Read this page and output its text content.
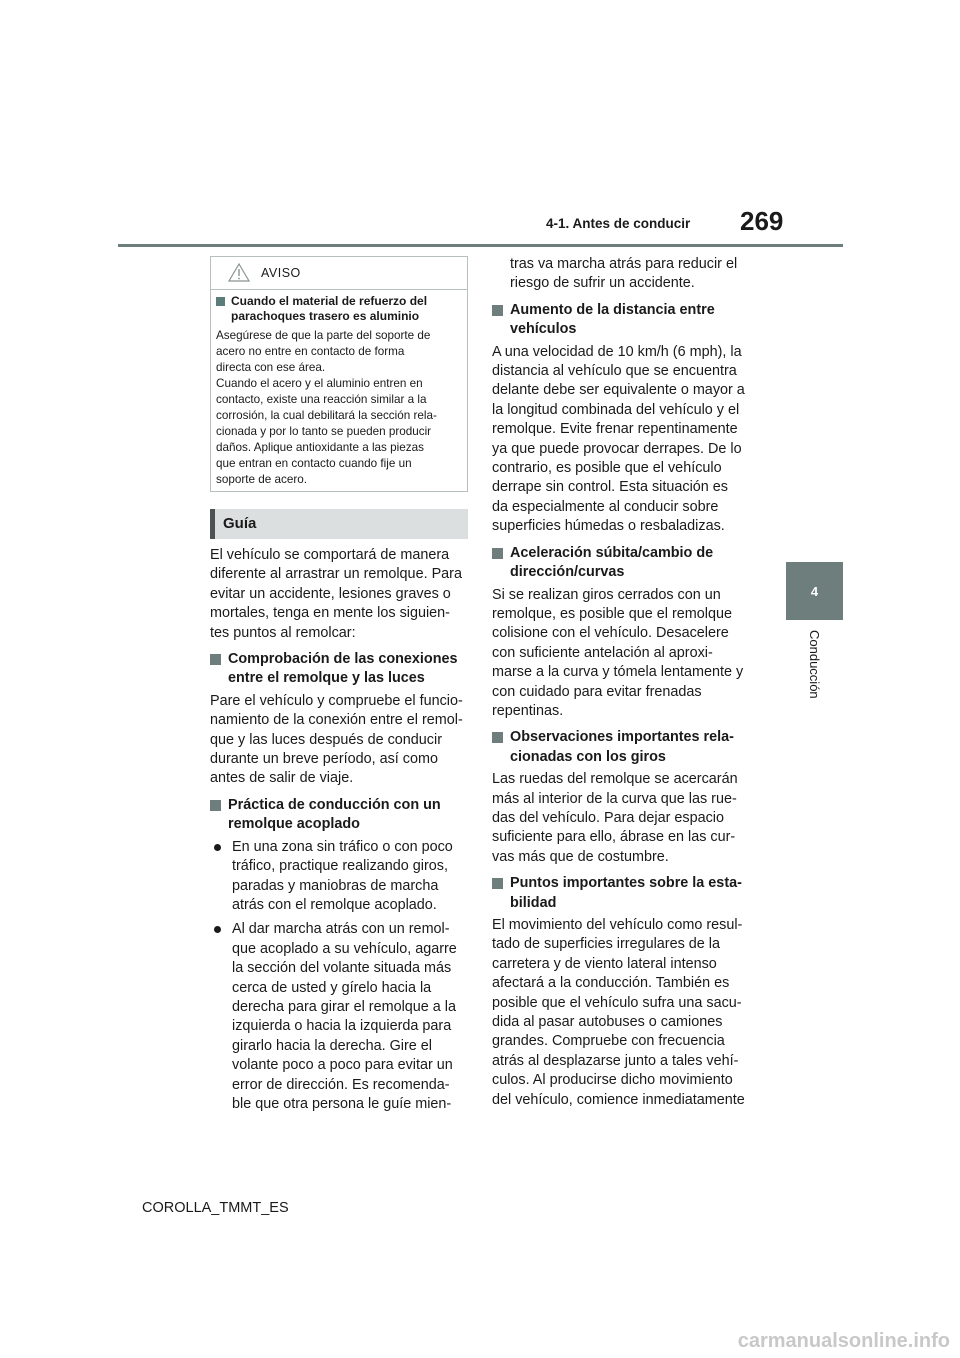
4-1. Antes de conducir 269
4
Conducción
AVISO
Cuando el material de refuerzo del parachoques trasero es aluminio
Asegúrese de que la parte del soporte de
acero no entre en contacto de forma
directa con ese área.
Cuando el acero y el aluminio entren en
contacto, existe una reacción similar a la
corrosión, la cual debilitará la sección rela-
cionada y por lo tanto se pueden producir
daños. Aplique antioxidante a las piezas
que entran en contacto cuando fije un
soporte de acero.
Guía

El vehículo se comportará de manera
diferente al arrastrar un remolque. Para
evitar un accidente, lesiones graves o
mortales, tenga en mente los siguien-
tes puntos al remolcar:

Comprobación de las conexiones
entre el remolque y las luces

Pare el vehículo y compruebe el funcio-
namiento de la conexión entre el remol-
que y las luces después de conducir
durante un breve período, así como
antes de salir de viaje.

Práctica de conducción con un
remolque acoplado
En una zona sin tráfico o con poco
tráfico, practique realizando giros,
paradas y maniobras de marcha
atrás con el remolque acoplado.
Al dar marcha atrás con un remol-
que acoplado a su vehículo, agarre
la sección del volante situada más
cerca de usted y gírelo hacia la
derecha para girar el remolque a la
izquierda o hacia la izquierda para
girarlo hacia la derecha. Gire el
volante poco a poco para evitar un
error de dirección. Es recomenda-
ble que otra persona le guíe mien-
tras va marcha atrás para reducir el
riesgo de sufrir un accidente.
Aumento de la distancia entre
vehículos

A una velocidad de 10 km/h (6 mph), la
distancia al vehículo que se encuentra
delante debe ser equivalente o mayor a
la longitud combinada del vehículo y el
remolque. Evite frenar repentinamente
ya que puede provocar derrapes. De lo
contrario, es posible que el vehículo
derrape sin control. Esta situación es
da especialmente al conducir sobre
superficies húmedas o resbaladizas.

Aceleración súbita/cambio de
dirección/curvas

Si se realizan giros cerrados con un
remolque, es posible que el remolque
colisione con el vehículo. Desacelere
con suficiente antelación al aproxi-
marse a la curva y tómela lentamente y
con cuidado para evitar frenadas
repentinas.

Observaciones importantes rela-
cionadas con los giros

Las ruedas del remolque se acercarán
más al interior de la curva que las rue-
das del vehículo. Para dejar espacio
suficiente para ello, ábrase en las cur-
vas más que de costumbre.

Puntos importantes sobre la esta-
bilidad

El movimiento del vehículo como resul-
tado de superficies irregulares de la
carretera y de viento lateral intenso
afectará a la conducción. También es
posible que el vehículo sufra una sacu-
dida al pasar autobuses o camiones
grandes. Compruebe con frecuencia
atrás al desplazarse junto a tales vehí-
culos. Al producirse dicho movimiento
del vehículo, comience inmediatamente

COROLLA_TMMT_ES
carmanualsonline.info
